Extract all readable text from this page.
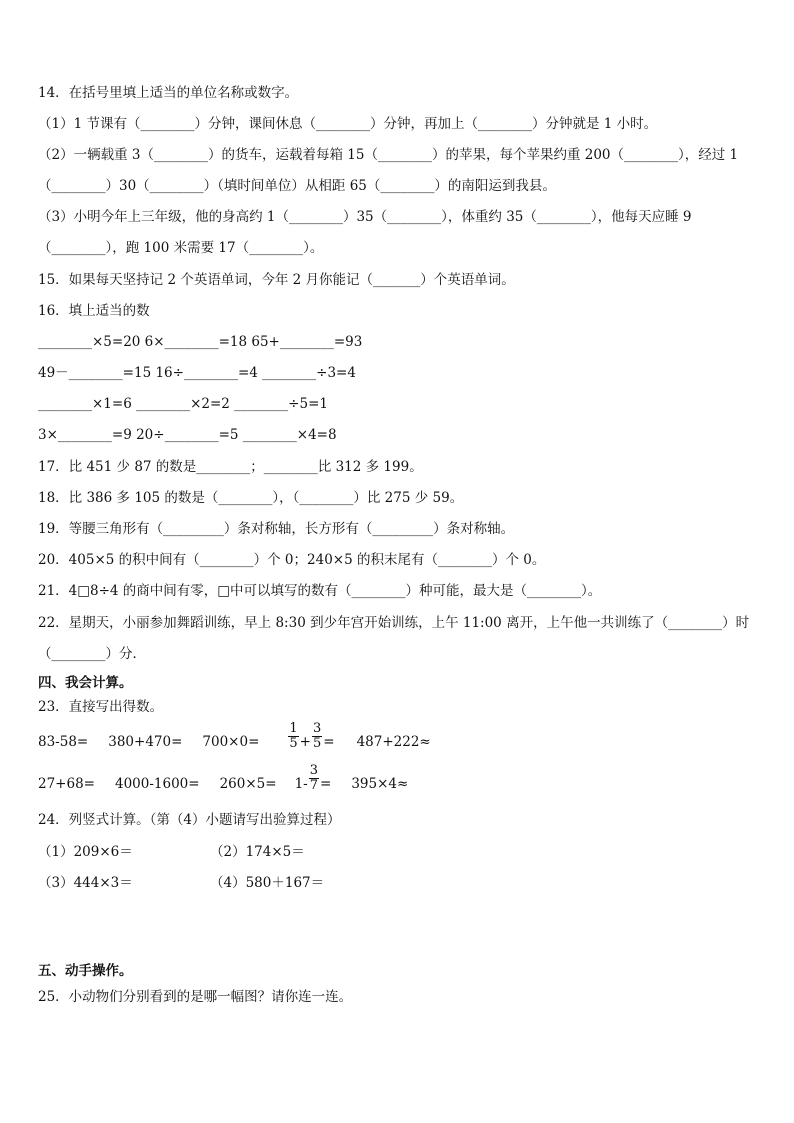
14．在括号里填上适当的单位名称或数字。
（1）1 节课有（________）分钟，课间休息（________）分钟，再加上（________）分钟就是 1 小时。
（2）一辆载重 3（________）的货车，运载着每箱 15（________）的苹果，每个苹果约重 200（________），经过 1
（________）30（________）（填时间单位）从相距 65（________）的南阳运到我县。
（3）小明今年上三年级，他的身高约 1（________）35（________），体重约 35（________），他每天应睡 9
（________），跑 100 米需要 17（________）。
15．如果每天坚持记 2 个英语单词，今年 2 月你能记（_______）个英语单词。
16．填上适当的数
________×5=20 6×________=18 65+________=93
49－________=15 16÷________=4 ________÷3=4
________×1=6 ________×2=2 ________÷5=1
3×________=9 20÷________=5 ________×4=8
17．比 451 少 87 的数是________；________比 312 多 199。
18．比 386 多 105 的数是（________），（________）比 275 少 59。
19．等腰三角形有（_________）条对称轴，长方形有（_________）条对称轴。
20．405×5 的积中间有（________）个 0；240×5 的积末尾有（________）个 0。
21．4□8÷4 的商中间有零，□中可以填写的数有（________）种可能，最大是（________）。
22．星期天，小丽参加舞蹈训练，早上 8:30 到少年宫开始训练，上午 11:00 离开，上午他一共训练了（________）时
（________）分．
四、我会计算。
23．直接写出得数。
$83-58= 380+470= 700\times 0= \frac{1}{5} + \frac{3}{5} = 487+222\approx$
$27+68= 4000-1600= 260\times 5= 1- \frac{3}{7} = 395\times 4\approx$
24．列竖式计算。（第（4）小题请写出验算过程）
（1）209×6＝	（2）174×5＝
（3）444×3＝	（4）580＋167＝
五、动手操作。
25．小动物们分别看到的是哪一幅图？请你连一连。
